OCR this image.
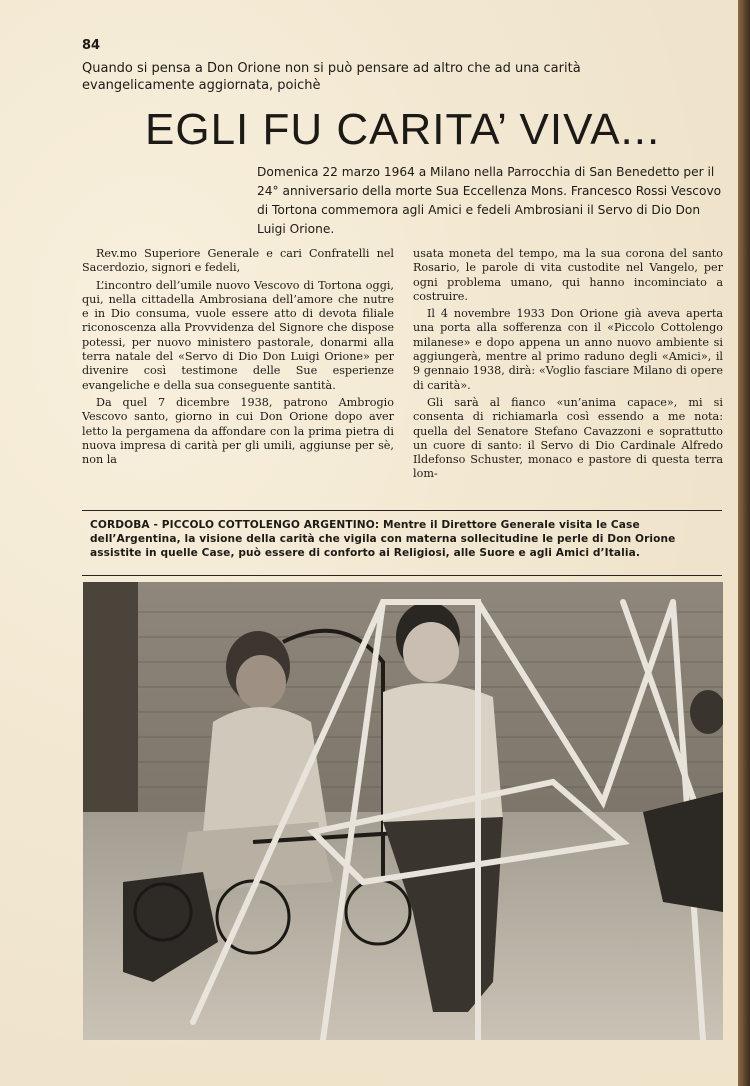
84
Quando si pensa a Don Orione non si può pensare ad altro che ad una carità evangelicamente aggiornata, poichè
EGLI FU CARITA’ VIVA...
Domenica 22 marzo 1964 a Milano nella Parrocchia di San Benedetto per il 24° anniversario della morte Sua Eccellenza Mons. Francesco Rossi Vescovo di Tortona commemora agli Amici e fedeli Ambrosiani il Servo di Dio Don Luigi Orione.

Rev.mo Superiore Generale e cari Confratelli nel Sacerdozio, signori e fedeli,

L’incontro dell’umile nuovo Vescovo di Tortona oggi, qui, nella cittadella Ambrosiana dell’amore che nutre e in Dio consuma, vuole essere atto di devota filiale riconoscenza alla Provvidenza del Signore che dispose potessi, per nuovo ministero pastorale, donarmi alla terra natale del «Servo di Dio Don Luigi Orione» per divenire così testimone delle Sue esperienze evangeliche e della sua conseguente santità.

Da quel 7 dicembre 1938, patrono Ambrogio Vescovo santo, giorno in cui Don Orione dopo aver letto la pergamena da affondare con la prima pietra di nuova impresa di carità per gli umili, aggiunse per sè, non la

usata moneta del tempo, ma la sua corona del santo Rosario, le parole di vita custodite nel Vangelo, per ogni problema umano, qui hanno incominciato a costruire.

Il 4 novembre 1933 Don Orione già aveva aperta una porta alla sofferenza con il «Piccolo Cottolengo milanese» e dopo appena un anno nuovo ambiente si aggiungerà, mentre al primo raduno degli «Amici», il 9 gennaio 1938, dirà: «Voglio fasciare Milano di opere di carità».

Gli sarà al fianco «un’anima capace», mi si consenta di richiamarla così essendo a me nota: quella del Senatore Stefano Cavazzoni e soprattutto un cuore di santo: il Servo di Dio Cardinale Alfredo Ildefonso Schuster, monaco e pastore di questa terra lom-

CORDOBA - PICCOLO COTTOLENGO ARGENTINO: Mentre il Direttore Generale visita le Case dell’Argentina, la visione della carità che vigila con materna sollecitudine le perle di Don Orione assistite in quelle Case, può essere di conforto ai Religiosi, alle Suore e agli Amici d’Italia.
